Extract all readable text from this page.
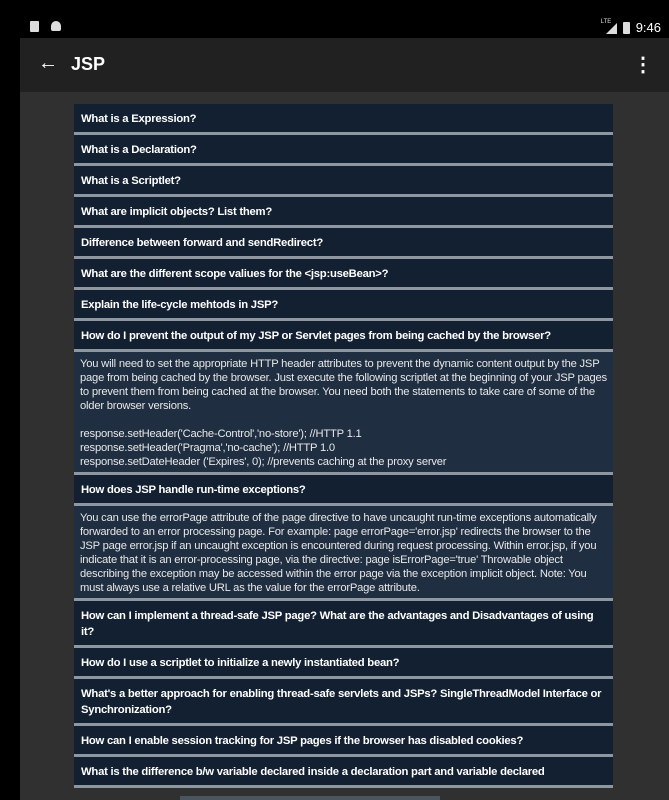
LTE 9:46
← JSP	⋮
What is a Expression?
What is a Declaration?
What is a Scriptlet?
What are implicit objects? List them?
Difference between forward and sendRedirect?
What are the different scope valiues for the <jsp:useBean>?
Explain the life-cycle mehtods in JSP?
How do I prevent the output of my JSP or Servlet pages from being cached by the browser?
You will need to set the appropriate HTTP header attributes to prevent the dynamic content output by the JSP page from being cached by the browser. Just execute the following scriptlet at the beginning of your JSP pages to prevent them from being cached at the browser. You need both the statements to take care of some of the older browser versions.

response.setHeader('Cache-Control','no-store'); //HTTP 1.1
response.setHeader('Pragma','no-cache'); //HTTP 1.0
response.setDateHeader ('Expires', 0); //prevents caching at the proxy server
How does JSP handle run-time exceptions?
You can use the errorPage attribute of the page directive to have uncaught run-time exceptions automatically forwarded to an error processing page. For example: page errorPage='error.jsp' redirects the browser to the JSP page error.jsp if an uncaught exception is encountered during request processing. Within error.jsp, if you indicate that it is an error-processing page, via the directive: page isErrorPage='true' Throwable object describing the exception may be accessed within the error page via the exception implicit object. Note: You must always use a relative URL as the value for the errorPage attribute.
How can I implement a thread-safe JSP page? What are the advantages and Disadvantages of using it?
How do I use a scriptlet to initialize a newly instantiated bean?
What's a better approach for enabling thread-safe servlets and JSPs? SingleThreadModel Interface or Synchronization?
How can I enable session tracking for JSP pages if the browser has disabled cookies?
What is the difference b/w variable declared inside a declaration part and variable declared
